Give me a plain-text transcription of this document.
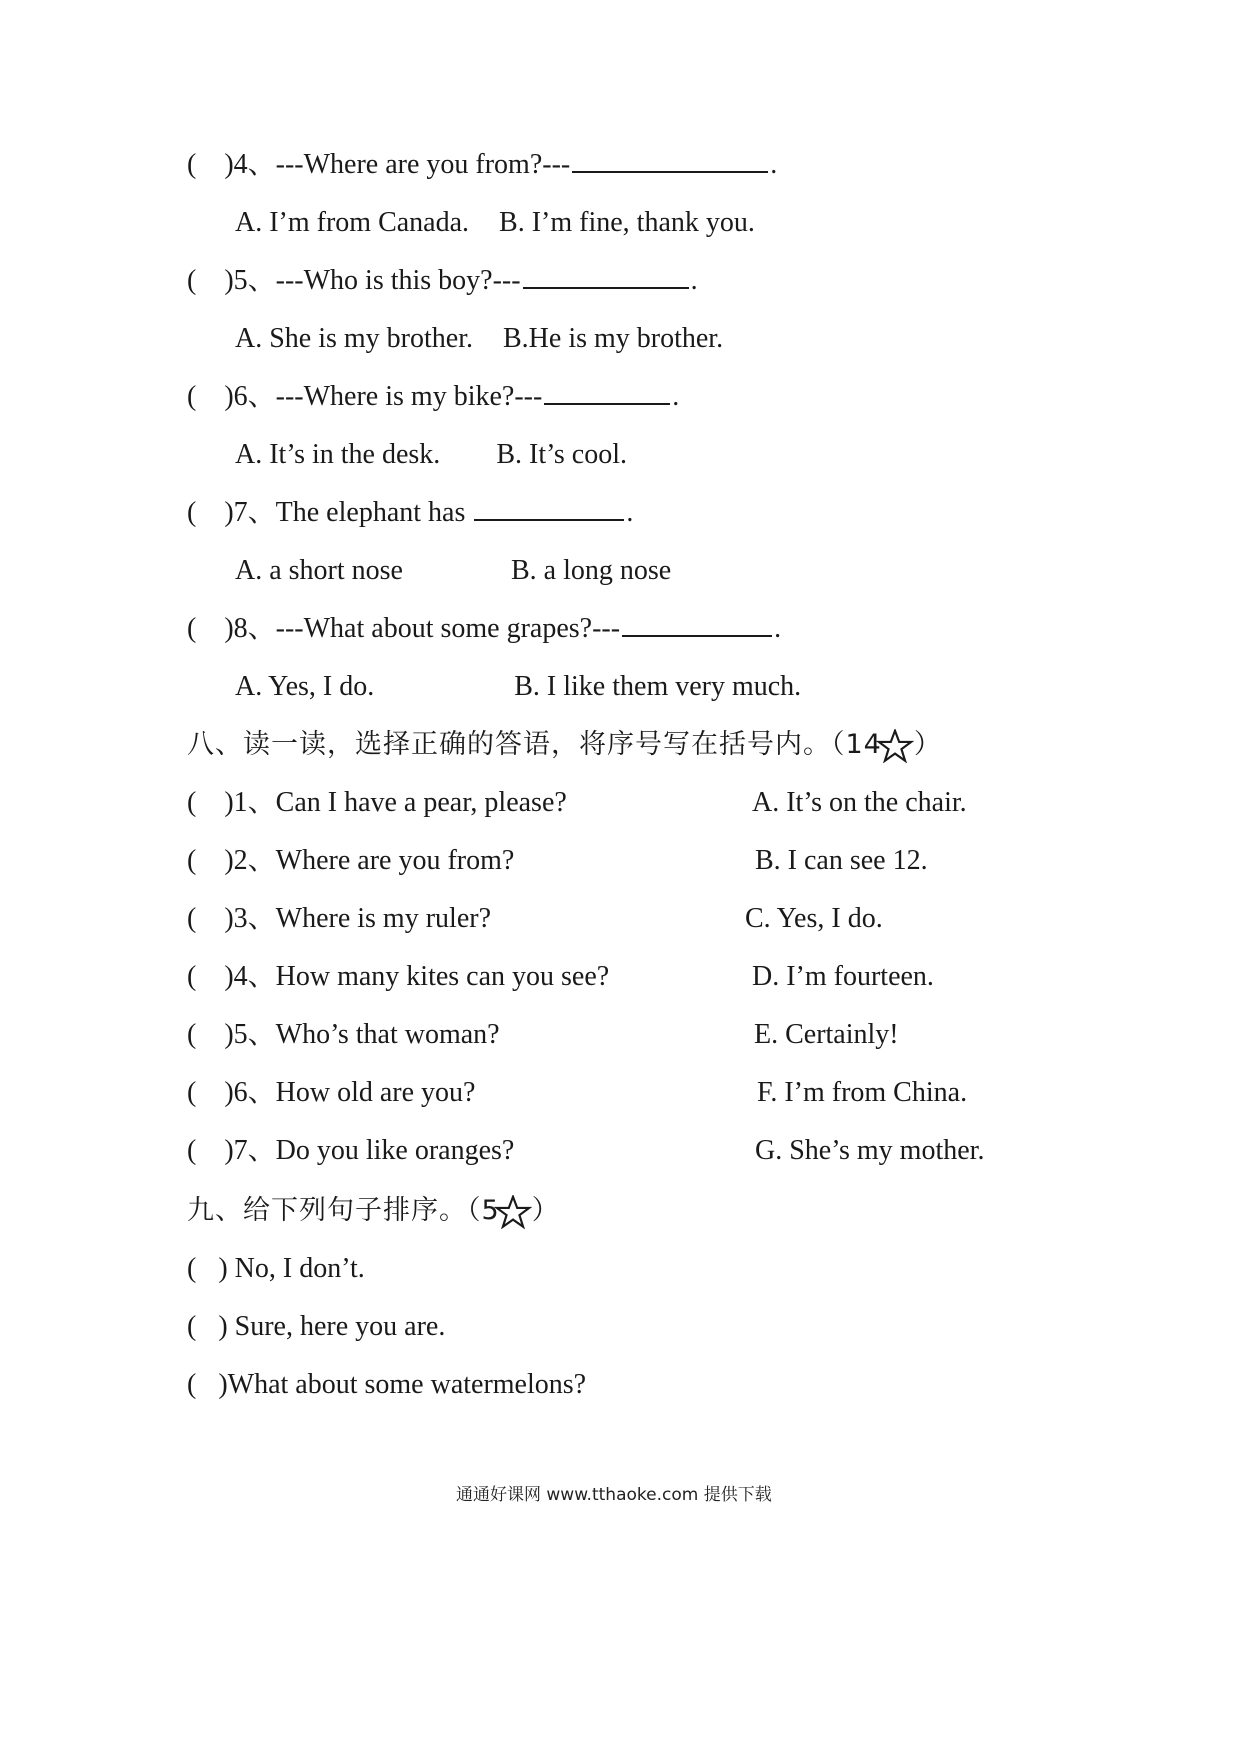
( )4、---Where are you from?---	.
A. I’m from Canada. B. I’m fine, thank you.
( )5、---Who is this boy?---	.
A. She is my brother. B.He is my brother.
( )6、---Where is my bike?---	.
A. It’s in the desk. B. It’s cool.
( )7、The elephant has	.
A. a short nose	B. a long nose
( )8、---What about some grapes?---	.
A. Yes, I do.	B. I like them very much.
八、读一读，选择正确的答语，将序号写在括号内。（14 ）
( )1、Can I have a pear, please?	A. It’s on the chair.
( )2、Where are you from?	B. I can see 12.
( )3、Where is my ruler?	C. Yes, I do.
( )4、How many kites can you see?	D. I’m fourteen.
( )5、Who’s that woman?	E. Certainly!
( )6、How old are you?	F. I’m from China.
( )7、Do you like oranges?	G. She’s my mother.
九、给下列句子排序。（5 ）
( ) No, I don’t.
( ) Sure, here you are.
( )What about some watermelons?
通通好课网 www.tthaoke.com 提供下载
